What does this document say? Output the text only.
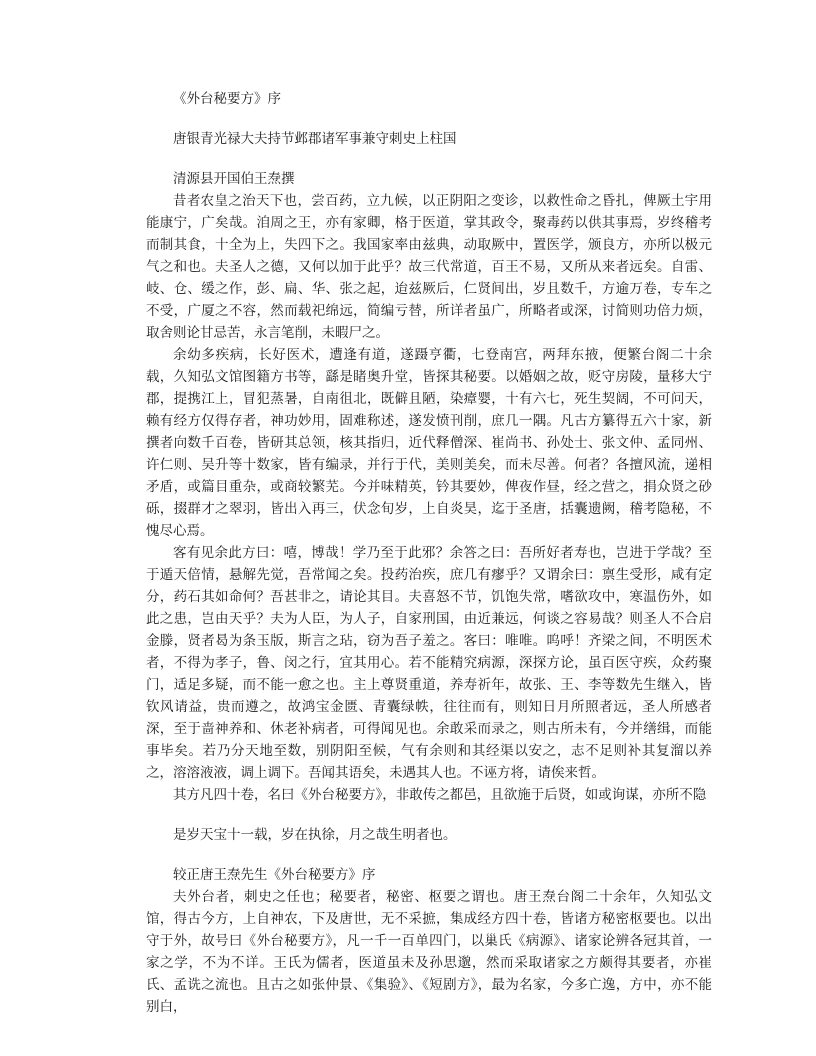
《外台秘要方》序

唐银青光禄大夫持节邺郡诸军事兼守刺史上柱国

清源县开国伯王焘撰

昔者农皇之治天下也，尝百药，立九候，以正阴阳之变诊，以救性命之昏扎，俾厥土宇用能康宁，广矣哉。洎周之王，亦有家卿，格于医道，掌其政令，聚毒药以供其事焉，岁终稽考而制其食，十全为上，失四下之。我国家率由兹典，动取厥中，置医学，颁良方，亦所以极元气之和也。夫圣人之德，又何以加于此乎？故三代常道，百王不易，又所从来者远矣。自雷、岐、仓、缓之作，彭、扁、华、张之起，迨兹厥后，仁贤间出，岁且数千，方逾万卷，专车之不受，广厦之不容，然而载祀绵远，简编亏替，所详者虽广，所略者或深，讨简则功倍力烦，取舍则论甘忌苦，永言笔削，未暇尸之。

余幼多疾病，长好医术，遭逢有道，遂蹑亨衢，七登南宫，两拜东掖，便繁台阁二十余载，久知弘文馆图籍方书等，繇是睹奥升堂，皆探其秘要。以婚姻之故，贬守房陵，量移大宁郡，提携江上，冒犯蒸暑，自南徂北，既僻且陋，染瘴婴，十有六七，死生契阔，不可问天，赖有经方仅得存者，神功妙用，固难称述，遂发愤刊削，庶几一隅。凡古方纂得五六十家，新撰者向数千百卷，皆研其总领，核其指归，近代释僧深、崔尚书、孙处士、张文仲、孟同州、许仁则、吴升等十数家，皆有编录，并行于代，美则美矣，而未尽善。何者？各擅风流，递相矛盾，或篇目重杂，或商较繁芜。今并味精英，钤其要妙，俾夜作昼，经之营之，捐众贤之砂砾，掇群才之翠羽，皆出入再三，伏念旬岁，上自炎昊，迄于圣唐，括囊遗阙，稽考隐秘，不愧尽心焉。

客有见余此方曰：嘻，博哉！学乃至于此邪？余答之曰：吾所好者寿也，岂进于学哉？至于遁天倍情，悬解先觉，吾常闻之矣。投药治疾，庶几有瘳乎？又谓余曰：禀生受形，咸有定分，药石其如命何？吾甚非之，请论其目。夫喜怒不节，饥饱失常，嗜欲攻中，寒温伤外，如此之患，岂由天乎？夫为人臣，为人子，自家刑国，由近兼远，何谈之容易哉？则圣人不合启金滕，贤者曷为条玉版，斯言之玷，窃为吾子羞之。客曰：唯唯。呜呼！齐梁之间，不明医术者，不得为孝子，鲁、闵之行，宜其用心。若不能精究病源，深探方论，虽百医守疾，众药聚门，适足多疑，而不能一愈之也。主上尊贤重道，养寿祈年，故张、王、李等数先生继入，皆钦风请益，贵而遵之，故鸿宝金匮、青囊绿帙，往往而有，则知日月所照者远，圣人所感者深，至于啬神养和、休老补病者，可得闻见也。余敢采而录之，则古所未有，今并缮缉，而能事毕矣。若乃分天地至数，别阴阳至候，气有余则和其经渠以安之，志不足则补其复溜以养之，溶溶液液，调上调下。吾闻其语矣，未遇其人也。不诬方将，请俟来哲。

其方凡四十卷，名曰《外台秘要方》，非敢传之都邑，且欲施于后贤，如或询谋，亦所不隐

是岁天宝十一载，岁在执徐，月之哉生明者也。

较正唐王焘先生《外台秘要方》序

夫外台者，刺史之任也；秘要者，秘密、枢要之谓也。唐王焘台阁二十余年，久知弘文馆，得古今方，上自神农，下及唐世，无不采摭，集成经方四十卷，皆诸方秘密枢要也。以出守于外，故号曰《外台秘要方》，凡一千一百单四门，以巢氏《病源》、诸家论辨各冠其首，一家之学，不为不详。王氏为儒者，医道虽未及孙思邈，然而采取诸家之方颇得其要者，亦崔氏、孟诜之流也。且古之如张仲景、《集验》、《短剧方》，最为名家，今多亡逸，方中，亦不能别白，
